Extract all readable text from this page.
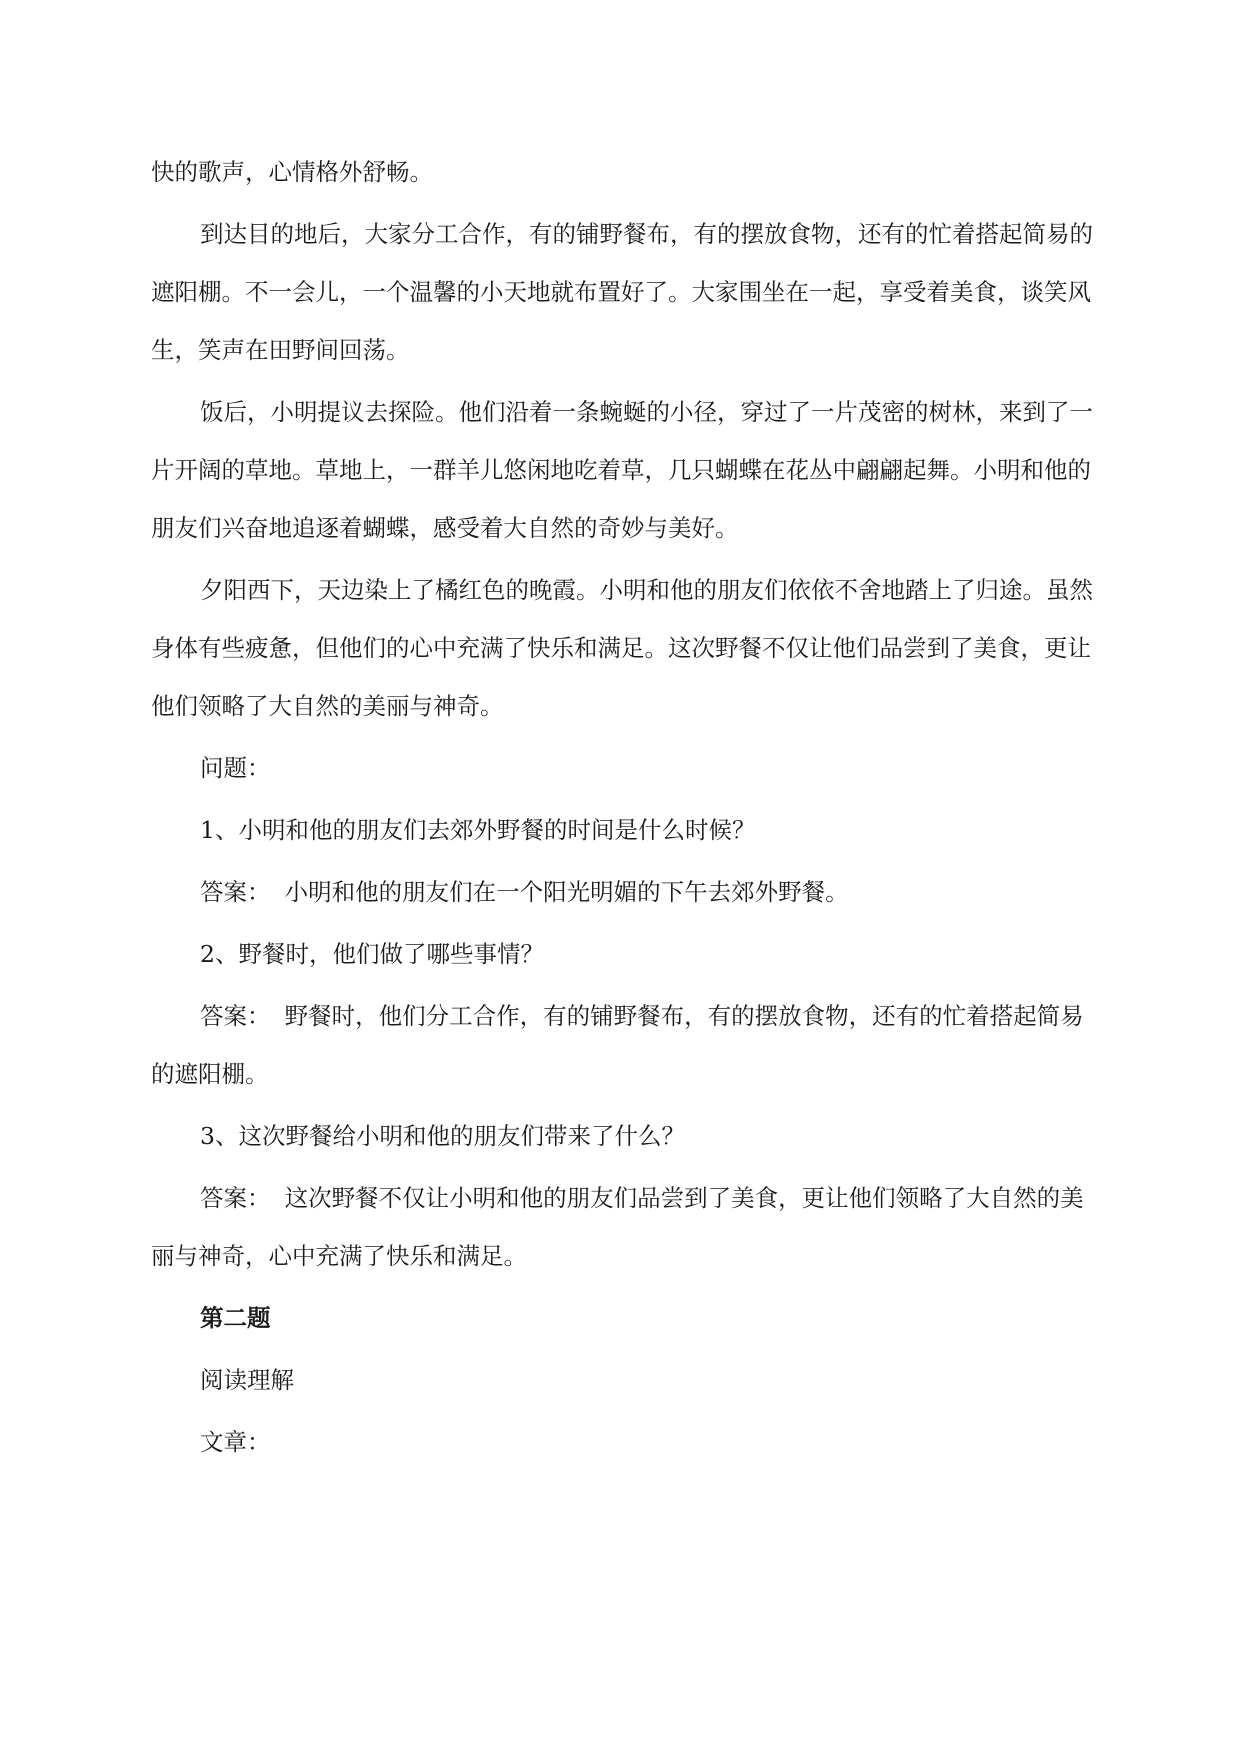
快的歌声，心情格外舒畅。

到达目的地后，大家分工合作，有的铺野餐布，有的摆放食物，还有的忙着搭起简易的遮阳棚。不一会儿，一个温馨的小天地就布置好了。大家围坐在一起，享受着美食，谈笑风生，笑声在田野间回荡。

饭后，小明提议去探险。他们沿着一条蜿蜒的小径，穿过了一片茂密的树林，来到了一片开阔的草地。草地上，一群羊儿悠闲地吃着草，几只蝴蝶在花丛中翩翩起舞。小明和他的朋友们兴奋地追逐着蝴蝶，感受着大自然的奇妙与美好。

夕阳西下，天边染上了橘红色的晚霞。小明和他的朋友们依依不舍地踏上了归途。虽然身体有些疲惫，但他们的心中充满了快乐和满足。这次野餐不仅让他们品尝到了美食，更让他们领略了大自然的美丽与神奇。

问题：

1、小明和他的朋友们去郊外野餐的时间是什么时候？

答案： 小明和他的朋友们在一个阳光明媚的下午去郊外野餐。

2、野餐时，他们做了哪些事情？

答案： 野餐时，他们分工合作，有的铺野餐布，有的摆放食物，还有的忙着搭起简易的遮阳棚。

3、这次野餐给小明和他的朋友们带来了什么？

答案： 这次野餐不仅让小明和他的朋友们品尝到了美食，更让他们领略了大自然的美丽与神奇，心中充满了快乐和满足。

第二题

阅读理解

文章：
